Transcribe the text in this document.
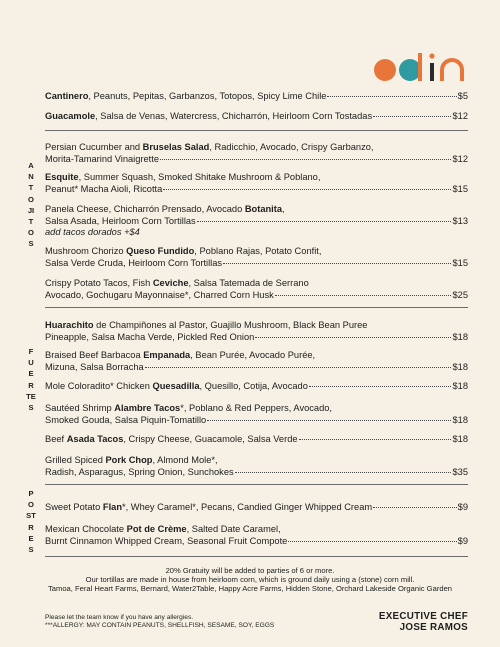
Cantinero, Peanuts, Pepitas, Garbanzos, Totopos, Spicy Lime Chile	$5
Guacamole, Salsa de Venas, Watercress, Chicharrón, Heirloom Corn Tostadas	$12
ANTOJITOS
Persian Cucumber and Bruselas Salad, Radicchio, Avocado, Crispy Garbanzo,
Morita-Tamarind Vinaigrette	$12
Esquite, Summer Squash, Smoked Shitake Mushroom & Poblano,
Peanut* Macha Aioli, Ricotta	$15
Panela Cheese, Chicharrón Prensado, Avocado Botanita,
Salsa Asada, Heirloom Corn Tortillas	$13
add tacos dorados +$4
Mushroom Chorizo Queso Fundido, Poblano Rajas, Potato Confit,
Salsa Verde Cruda, Heirloom Corn Tortillas	$15
Crispy Potato Tacos, Fish Ceviche, Salsa Tatemada de Serrano
Avocado, Gochugaru Mayonnaise*, Charred Corn Husk	$25
FUERTES
Huarachito de Champiñones al Pastor, Guajillo Mushroom, Black Bean Puree
Pineapple, Salsa Macha Verde, Pickled Red Onion	$18
Braised Beef Barbacoa Empanada, Bean Purée, Avocado Purée,
Mizuna, Salsa Borracha	$18
Mole Coloradito* Chicken Quesadilla, Quesillo, Cotija, Avocado	$18
Sautéed Shrimp Alambre Tacos*, Poblano & Red Peppers, Avocado,
Smoked Gouda, Salsa Piquin-Tomatillo	$18
Beef Asada Tacos, Crispy Cheese, Guacamole, Salsa Verde	$18
Grilled Spiced Pork Chop, Almond Mole*,
Radish, Asparagus, Spring Onion, Sunchokes	$35
POSTRES
Sweet Potato Flan*, Whey Caramel*, Pecans, Candied Ginger Whipped Cream	$9
Mexican Chocolate Pot de Crème, Salted Date Caramel,
Burnt Cinnamon Whipped Cream, Seasonal Fruit Compote	$9
20% Gratuity will be added to parties of 6 or more.
Our tortillas are made in house from heirloom corn, which is ground daily using a (stone) corn mill.
Tamoa, Feral Heart Farms, Bernard, Water2Table, Happy Acre Farms, Hidden Stone, Orchard Lakeside Organic Garden
Please let the team know if you have any allergies.
***ALLERGY: MAY CONTAIN PEANUTS, SHELLFISH, SESAME, SOY, EGGS
EXECUTIVE CHEF
JOSE RAMOS
